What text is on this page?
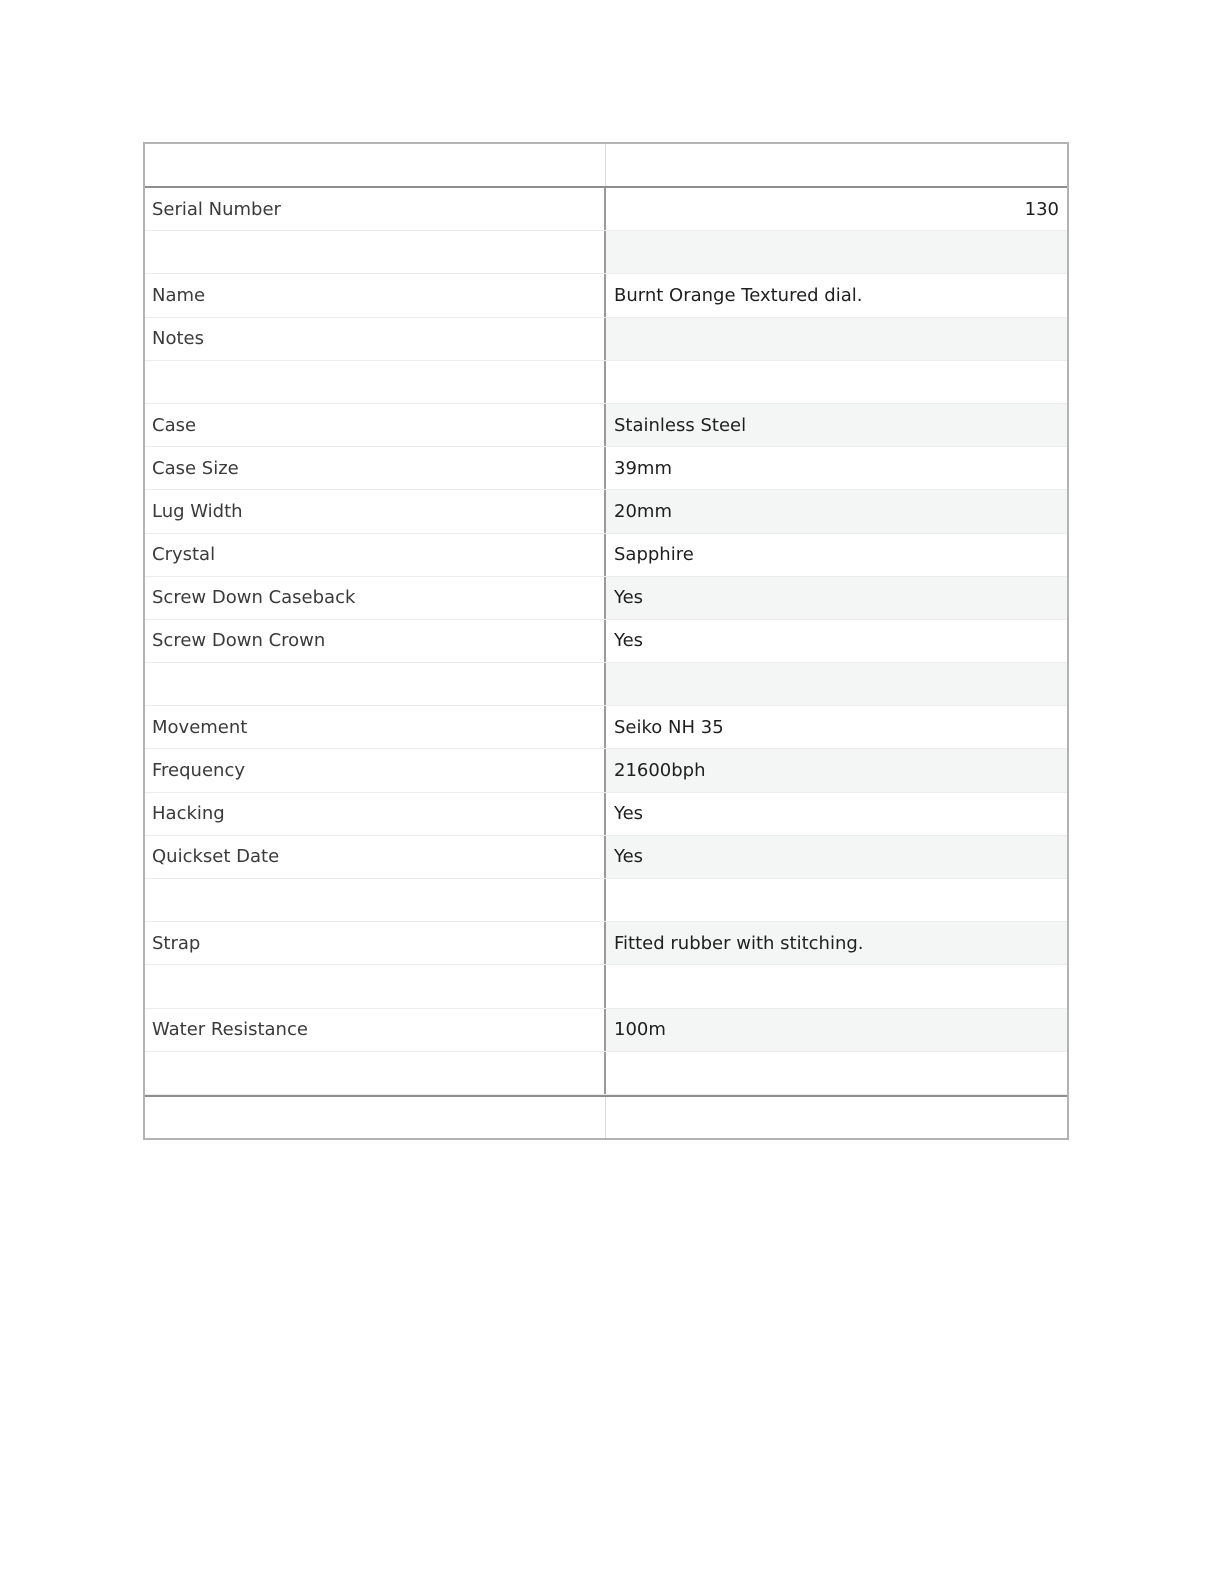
Serial Number	130
Name	Burnt Orange Textured dial.
Notes
Case	Stainless Steel
Case Size	39mm
Lug Width	20mm
Crystal	Sapphire
Screw Down Caseback	Yes
Screw Down Crown	Yes
Movement	Seiko NH 35
Frequency	21600bph
Hacking	Yes
Quickset Date	Yes
Strap	Fitted rubber with stitching.
Water Resistance	100m
